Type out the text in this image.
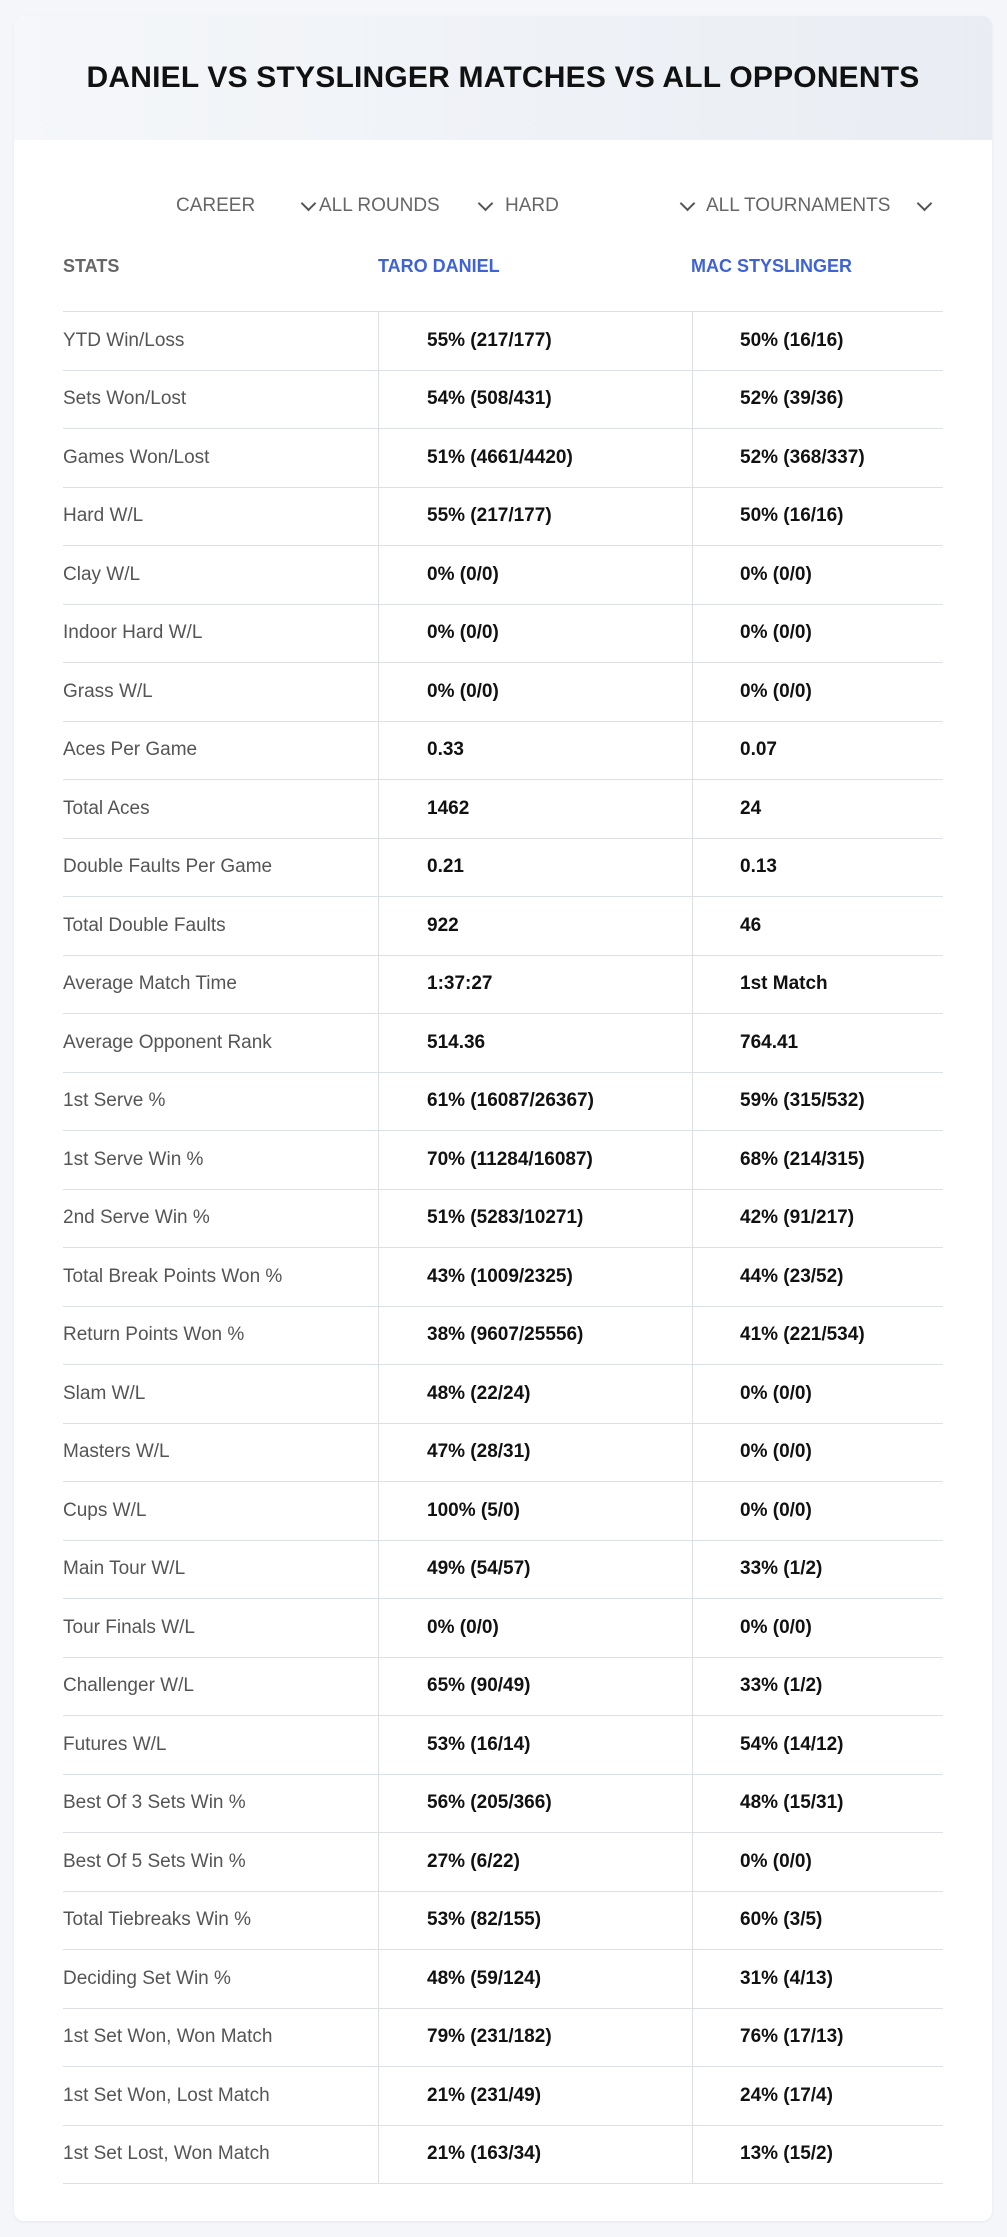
DANIEL VS STYSLINGER MATCHES VS ALL OPPONENTS
CAREER	ALL ROUNDS	HARD	ALL TOURNAMENTS
STATS	TARO DANIEL	MAC STYSLINGER
YTD Win/Loss	55% (217/177)	50% (16/16)
Sets Won/Lost	54% (508/431)	52% (39/36)
Games Won/Lost	51% (4661/4420)	52% (368/337)
Hard W/L	55% (217/177)	50% (16/16)
Clay W/L	0% (0/0)	0% (0/0)
Indoor Hard W/L	0% (0/0)	0% (0/0)
Grass W/L	0% (0/0)	0% (0/0)
Aces Per Game	0.33	0.07
Total Aces	1462	24
Double Faults Per Game	0.21	0.13
Total Double Faults	922	46
Average Match Time	1:37:27	1st Match
Average Opponent Rank	514.36	764.41
1st Serve %	61% (16087/26367)	59% (315/532)
1st Serve Win %	70% (11284/16087)	68% (214/315)
2nd Serve Win %	51% (5283/10271)	42% (91/217)
Total Break Points Won %	43% (1009/2325)	44% (23/52)
Return Points Won %	38% (9607/25556)	41% (221/534)
Slam W/L	48% (22/24)	0% (0/0)
Masters W/L	47% (28/31)	0% (0/0)
Cups W/L	100% (5/0)	0% (0/0)
Main Tour W/L	49% (54/57)	33% (1/2)
Tour Finals W/L	0% (0/0)	0% (0/0)
Challenger W/L	65% (90/49)	33% (1/2)
Futures W/L	53% (16/14)	54% (14/12)
Best Of 3 Sets Win %	56% (205/366)	48% (15/31)
Best Of 5 Sets Win %	27% (6/22)	0% (0/0)
Total Tiebreaks Win %	53% (82/155)	60% (3/5)
Deciding Set Win %	48% (59/124)	31% (4/13)
1st Set Won, Won Match	79% (231/182)	76% (17/13)
1st Set Won, Lost Match	21% (231/49)	24% (17/4)
1st Set Lost, Won Match	21% (163/34)	13% (15/2)
